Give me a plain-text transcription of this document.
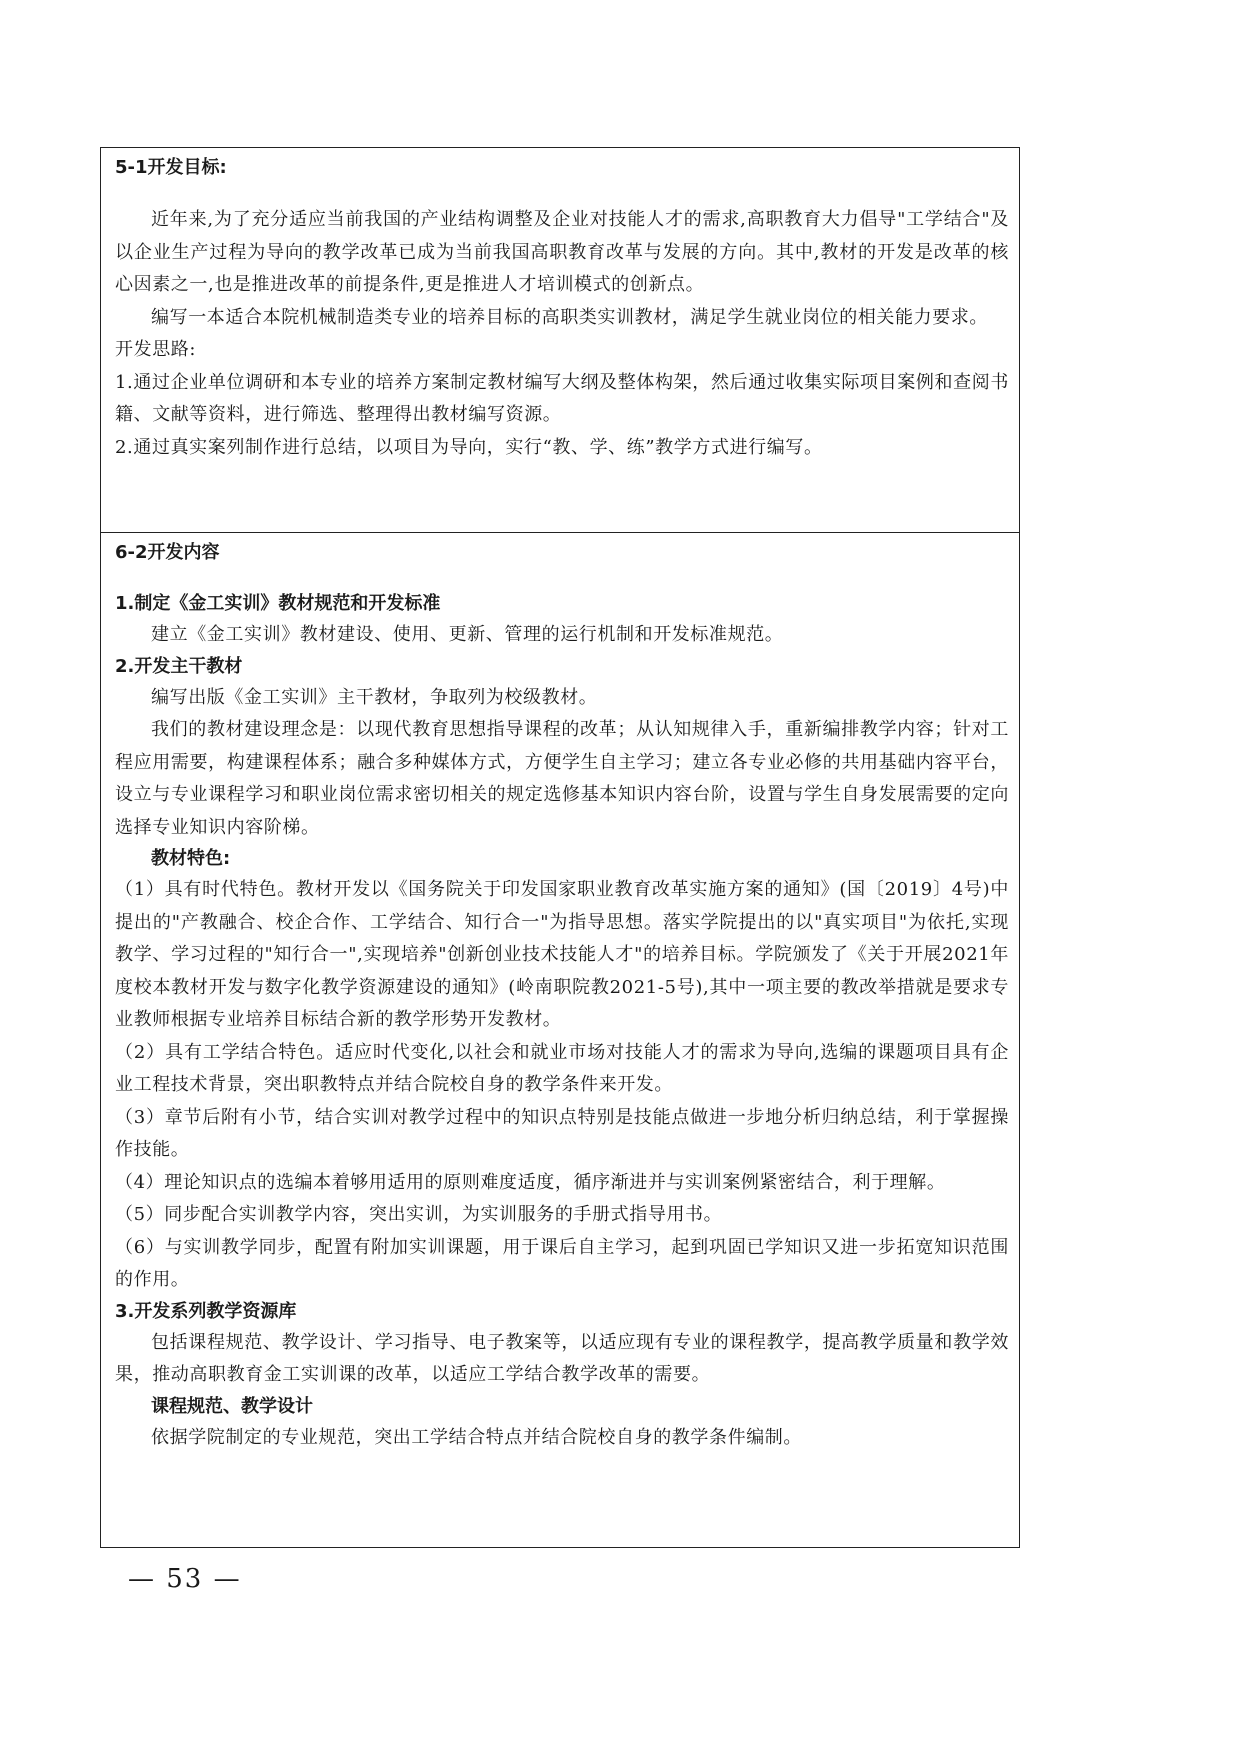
5-1开发目标:

近年来,为了充分适应当前我国的产业结构调整及企业对技能人才的需求,高职教育大力倡导"工学结合"及以企业生产过程为导向的教学改革已成为当前我国高职教育改革与发展的方向。其中,教材的开发是改革的核心因素之一,也是推进改革的前提条件,更是推进人才培训模式的创新点。

编写一本适合本院机械制造类专业的培养目标的高职类实训教材，满足学生就业岗位的相关能力要求。

开发思路:

1.通过企业单位调研和本专业的培养方案制定教材编写大纲及整体构架，然后通过收集实际项目案例和查阅书籍、文献等资料，进行筛选、整理得出教材编写资源。

2.通过真实案列制作进行总结，以项目为导向，实行“教、学、练”教学方式进行编写。

6-2开发内容
1.制定《金工实训》教材规范和开发标准

建立《金工实训》教材建设、使用、更新、管理的运行机制和开发标准规范。

2.开发主干教材

编写出版《金工实训》主干教材，争取列为校级教材。

我们的教材建设理念是：以现代教育思想指导课程的改革；从认知规律入手，重新编排教学内容；针对工程应用需要，构建课程体系；融合多种媒体方式，方便学生自主学习；建立各专业必修的共用基础内容平台，设立与专业课程学习和职业岗位需求密切相关的规定选修基本知识内容台阶，设置与学生自身发展需要的定向选择专业知识内容阶梯。

教材特色:

（1）具有时代特色。教材开发以《国务院关于印发国家职业教育改革实施方案的通知》(国〔2019〕4号)中提出的"产教融合、校企合作、工学结合、知行合一"为指导思想。落实学院提出的以"真实项目"为依托,实现教学、学习过程的"知行合一",实现培养"创新创业技术技能人才"的培养目标。学院颁发了《关于开展2021年度校本教材开发与数字化教学资源建设的通知》(岭南职院教2021-5号),其中一项主要的教改举措就是要求专业教师根据专业培养目标结合新的教学形势开发教材。

（2）具有工学结合特色。适应时代变化,以社会和就业市场对技能人才的需求为导向,选编的课题项目具有企业工程技术背景，突出职教特点并结合院校自身的教学条件来开发。

（3）章节后附有小节，结合实训对教学过程中的知识点特别是技能点做进一步地分析归纳总结，利于掌握操作技能。

（4）理论知识点的选编本着够用适用的原则难度适度，循序渐进并与实训案例紧密结合，利于理解。

（5）同步配合实训教学内容，突出实训，为实训服务的手册式指导用书。

（6）与实训教学同步，配置有附加实训课题，用于课后自主学习，起到巩固已学知识又进一步拓宽知识范围的作用。

3.开发系列教学资源库

包括课程规范、教学设计、学习指导、电子教案等，以适应现有专业的课程教学，提高教学质量和教学效果，推动高职教育金工实训课的改革，以适应工学结合教学改革的需要。

课程规范、教学设计

依据学院制定的专业规范，突出工学结合特点并结合院校自身的教学条件编制。

— 53 —
